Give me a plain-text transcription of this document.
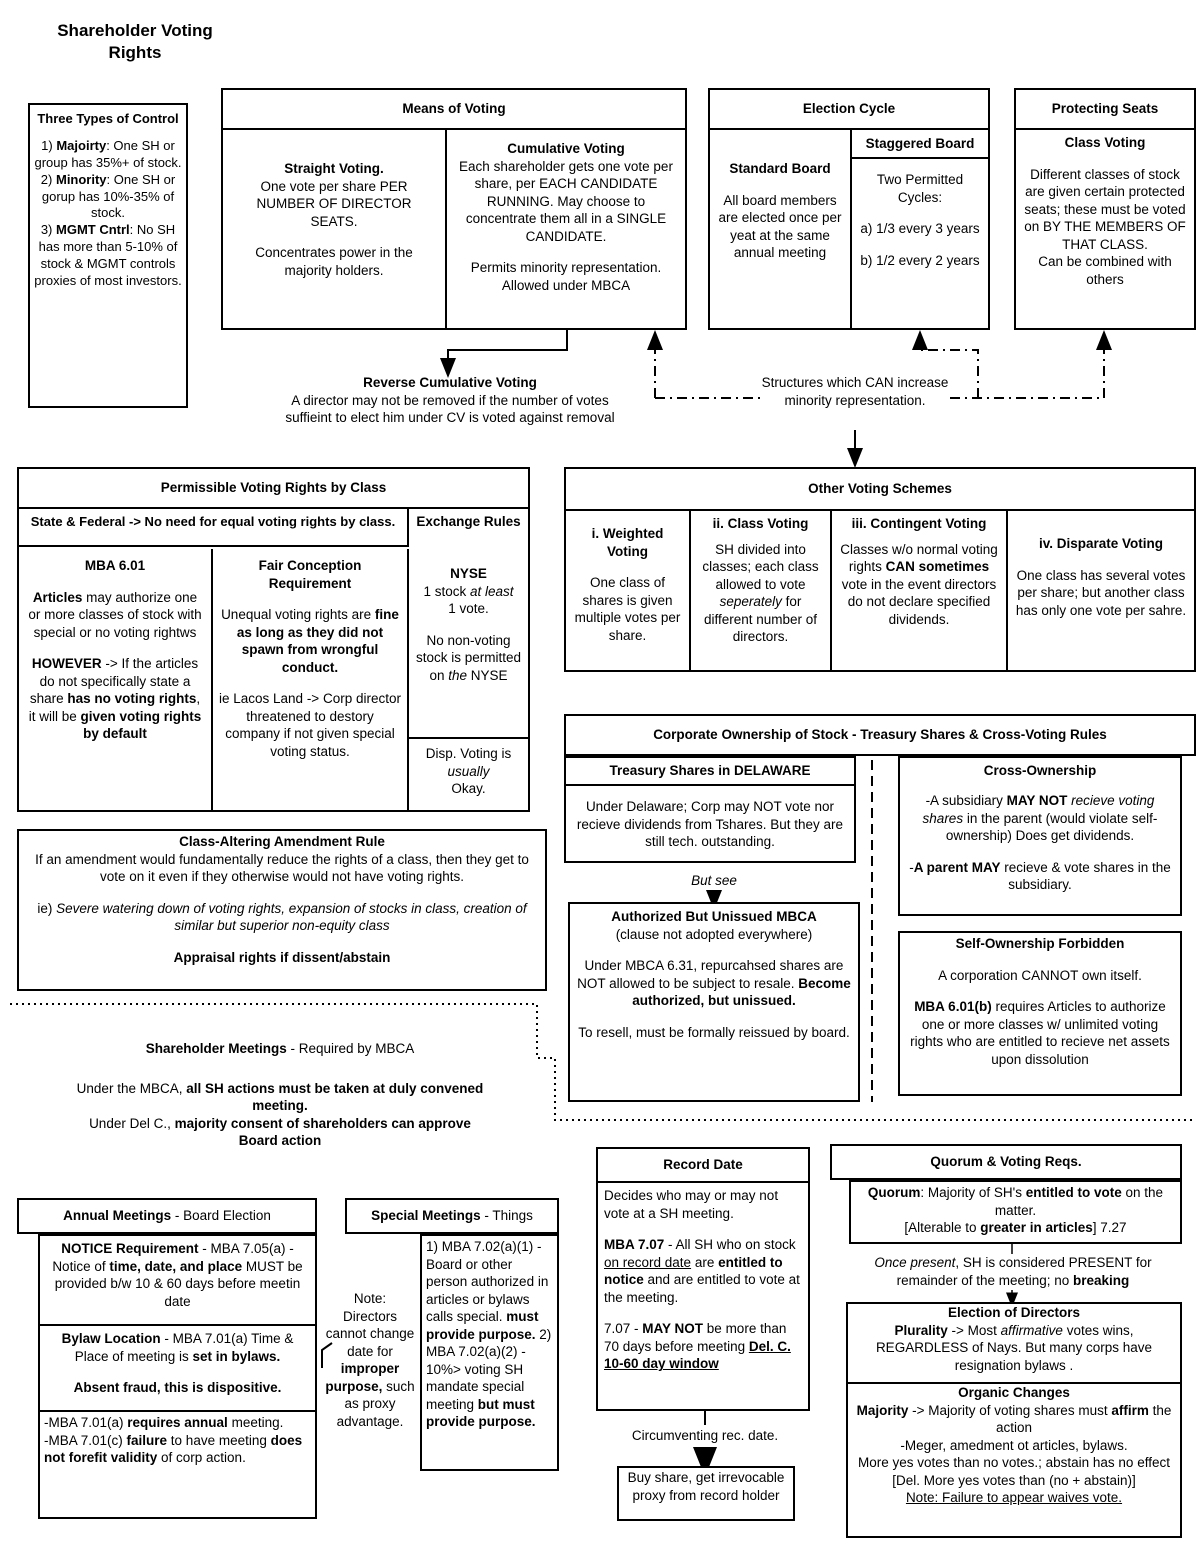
Shareholder Voting
Rights
Three Types of Control

1) Majoirty: One SH or group has 35%+ of stock.

2) Minority: One SH or gorup has 10%-35% of stock.

3) MGMT Cntrl: No SH has more than 5-10% of stock & MGMT controls proxies of most investors.

Means of Voting

Straight Voting.

One vote per share PER NUMBER OF DIRECTOR SEATS.

Concentrates power in the majority holders.

Cumulative Voting

Each shareholder gets one vote per share, per EACH CANDIDATE RUNNING. May choose to concentrate them all in a SINGLE CANDIDATE.

Permits minority representation. Allowed under MBCA

Election Cycle

Standard Board

All board members are elected once per yeat at the same annual meeting

Staggered Board

Two Permitted Cycles:

a) 1/3 every 3 years

b) 1/2 every 2 years

Protecting Seats

Class Voting

Different classes of stock are given certain protected seats; these must be voted on BY THE MEMBERS OF THAT CLASS.

Can be combined with others

Reverse Cumulative Voting

A director may not be removed if the number of votes suffieint to elect him under CV is voted against removal

Structures which CAN increase minority representation.
Permissible Voting Rights by Class
State & Federal -> No need for equal voting rights by class.	Exchange Rules

MBA 6.01

Articles may authorize one or more classes of stock with special or no voting rightws

HOWEVER -> If the articles do not specifically state a share has no voting rights, it will be given voting rights by default

Fair Conception Requirement

Unequal voting rights are fine as long as they did not spawn from wrongful conduct.

ie Lacos Land -> Corp director threatened to destory company if not given special voting status.

NYSE

1 stock at least

1 vote.

No non-voting stock is permitted on the NYSE

Disp. Voting is

usually

Okay.

Other Voting Schemes

i. Weighted Voting

One class of shares is given multiple votes per share.

ii. Class Voting

SH divided into classes; each class allowed to vote seperately for different number of directors.

iii. Contingent Voting

Classes w/o normal voting rights CAN sometimes vote in the event directors do not declare specified dividends.

iv. Disparate Voting

One class has several votes per share; but another class has only one vote per sahre.

Class-Altering Amendment Rule

If an amendment would fundamentally reduce the rights of a class, then they get to vote on it even if they otherwise would not have voting rights.

ie) Severe watering down of voting rights, expansion of stocks in class, creation of similar but superior non-equity class

Appraisal rights if dissent/abstain

Corporate Ownership of Stock - Treasury Shares & Cross-Voting Rules
Treasury Shares in DELAWARE

Under Delaware; Corp may NOT vote nor recieve dividends from Tshares. But they are still tech. outstanding.

But see

Authorized But Unissued MBCA

(clause not adopted everywhere)

Under MBCA 6.31, repurcahsed shares are NOT allowed to be subject to resale. Become authorized, but unissued.

To resell, must be formally reissued by board.

Cross-Ownership

-A subsidiary MAY NOT recieve voting shares in the parent (would violate self-ownership) Does get dividends.

-A parent MAY recieve & vote shares in the subsidiary.

Self-Ownership Forbidden

A corporation CANNOT own itself.

MBA 6.01(b) requires Articles to authorize one or more classes w/ unlimited voting rights who are entitled to recieve net assets upon dissolution

Shareholder Meetings - Required by MBCA

Under the MBCA, all SH actions must be taken at duly convened meeting.

Under Del C., majority consent of shareholders can approve

Board action

Annual Meetings - Board Election
NOTICE Requirement - MBA 7.05(a) -Notice of time, date, and place MUST be provided b/w 10 & 60 days before meetin date

Bylaw Location - MBA 7.01(a) Time & Place of meeting is set in bylaws.

Absent fraud, this is dispositive.

-MBA 7.01(a) requires annual meeting.

-MBA 7.01(c) failure to have meeting does not forefit validity of corp action.

Note: Directors cannot change date for improper purpose, such as proxy advantage.
Special Meetings - Things
1) MBA 7.02(a)(1) - Board or other person authorized in articles or bylaws calls special. must provide purpose. 2) MBA 7.02(a)(2) - 10%> voting SH mandate special meeting but must provide purpose.
Record Date

Decides who may or may not vote at a SH meeting.

MBA 7.07 - All SH who on stock on record date are entitled to notice and are entitled to vote at the meeting.

7.07 - MAY NOT be more than 70 days before meeting Del. C. 10-60 day window

Circumventing rec. date.
Buy share, get irrevocable proxy from record holder
Quorum & Voting Reqs.

Quorum: Majority of SH's entitled to vote on the matter.

[Alterable to greater in articles] 7.27

Once present, SH is considered PRESENT for remainder of the meeting; no breaking

Election of Directors

Plurality -> Most affirmative votes wins, REGARDLESS of Nays. But many corps have resignation bylaws .

Organic Changes

Majority -> Majority of voting shares must affirm the action

-Meger, amedment ot articles, bylaws.

More yes votes than no votes.; abstain has no effect

[Del. More yes votes than (no + abstain)]

Note: Failure to appear waives vote.
